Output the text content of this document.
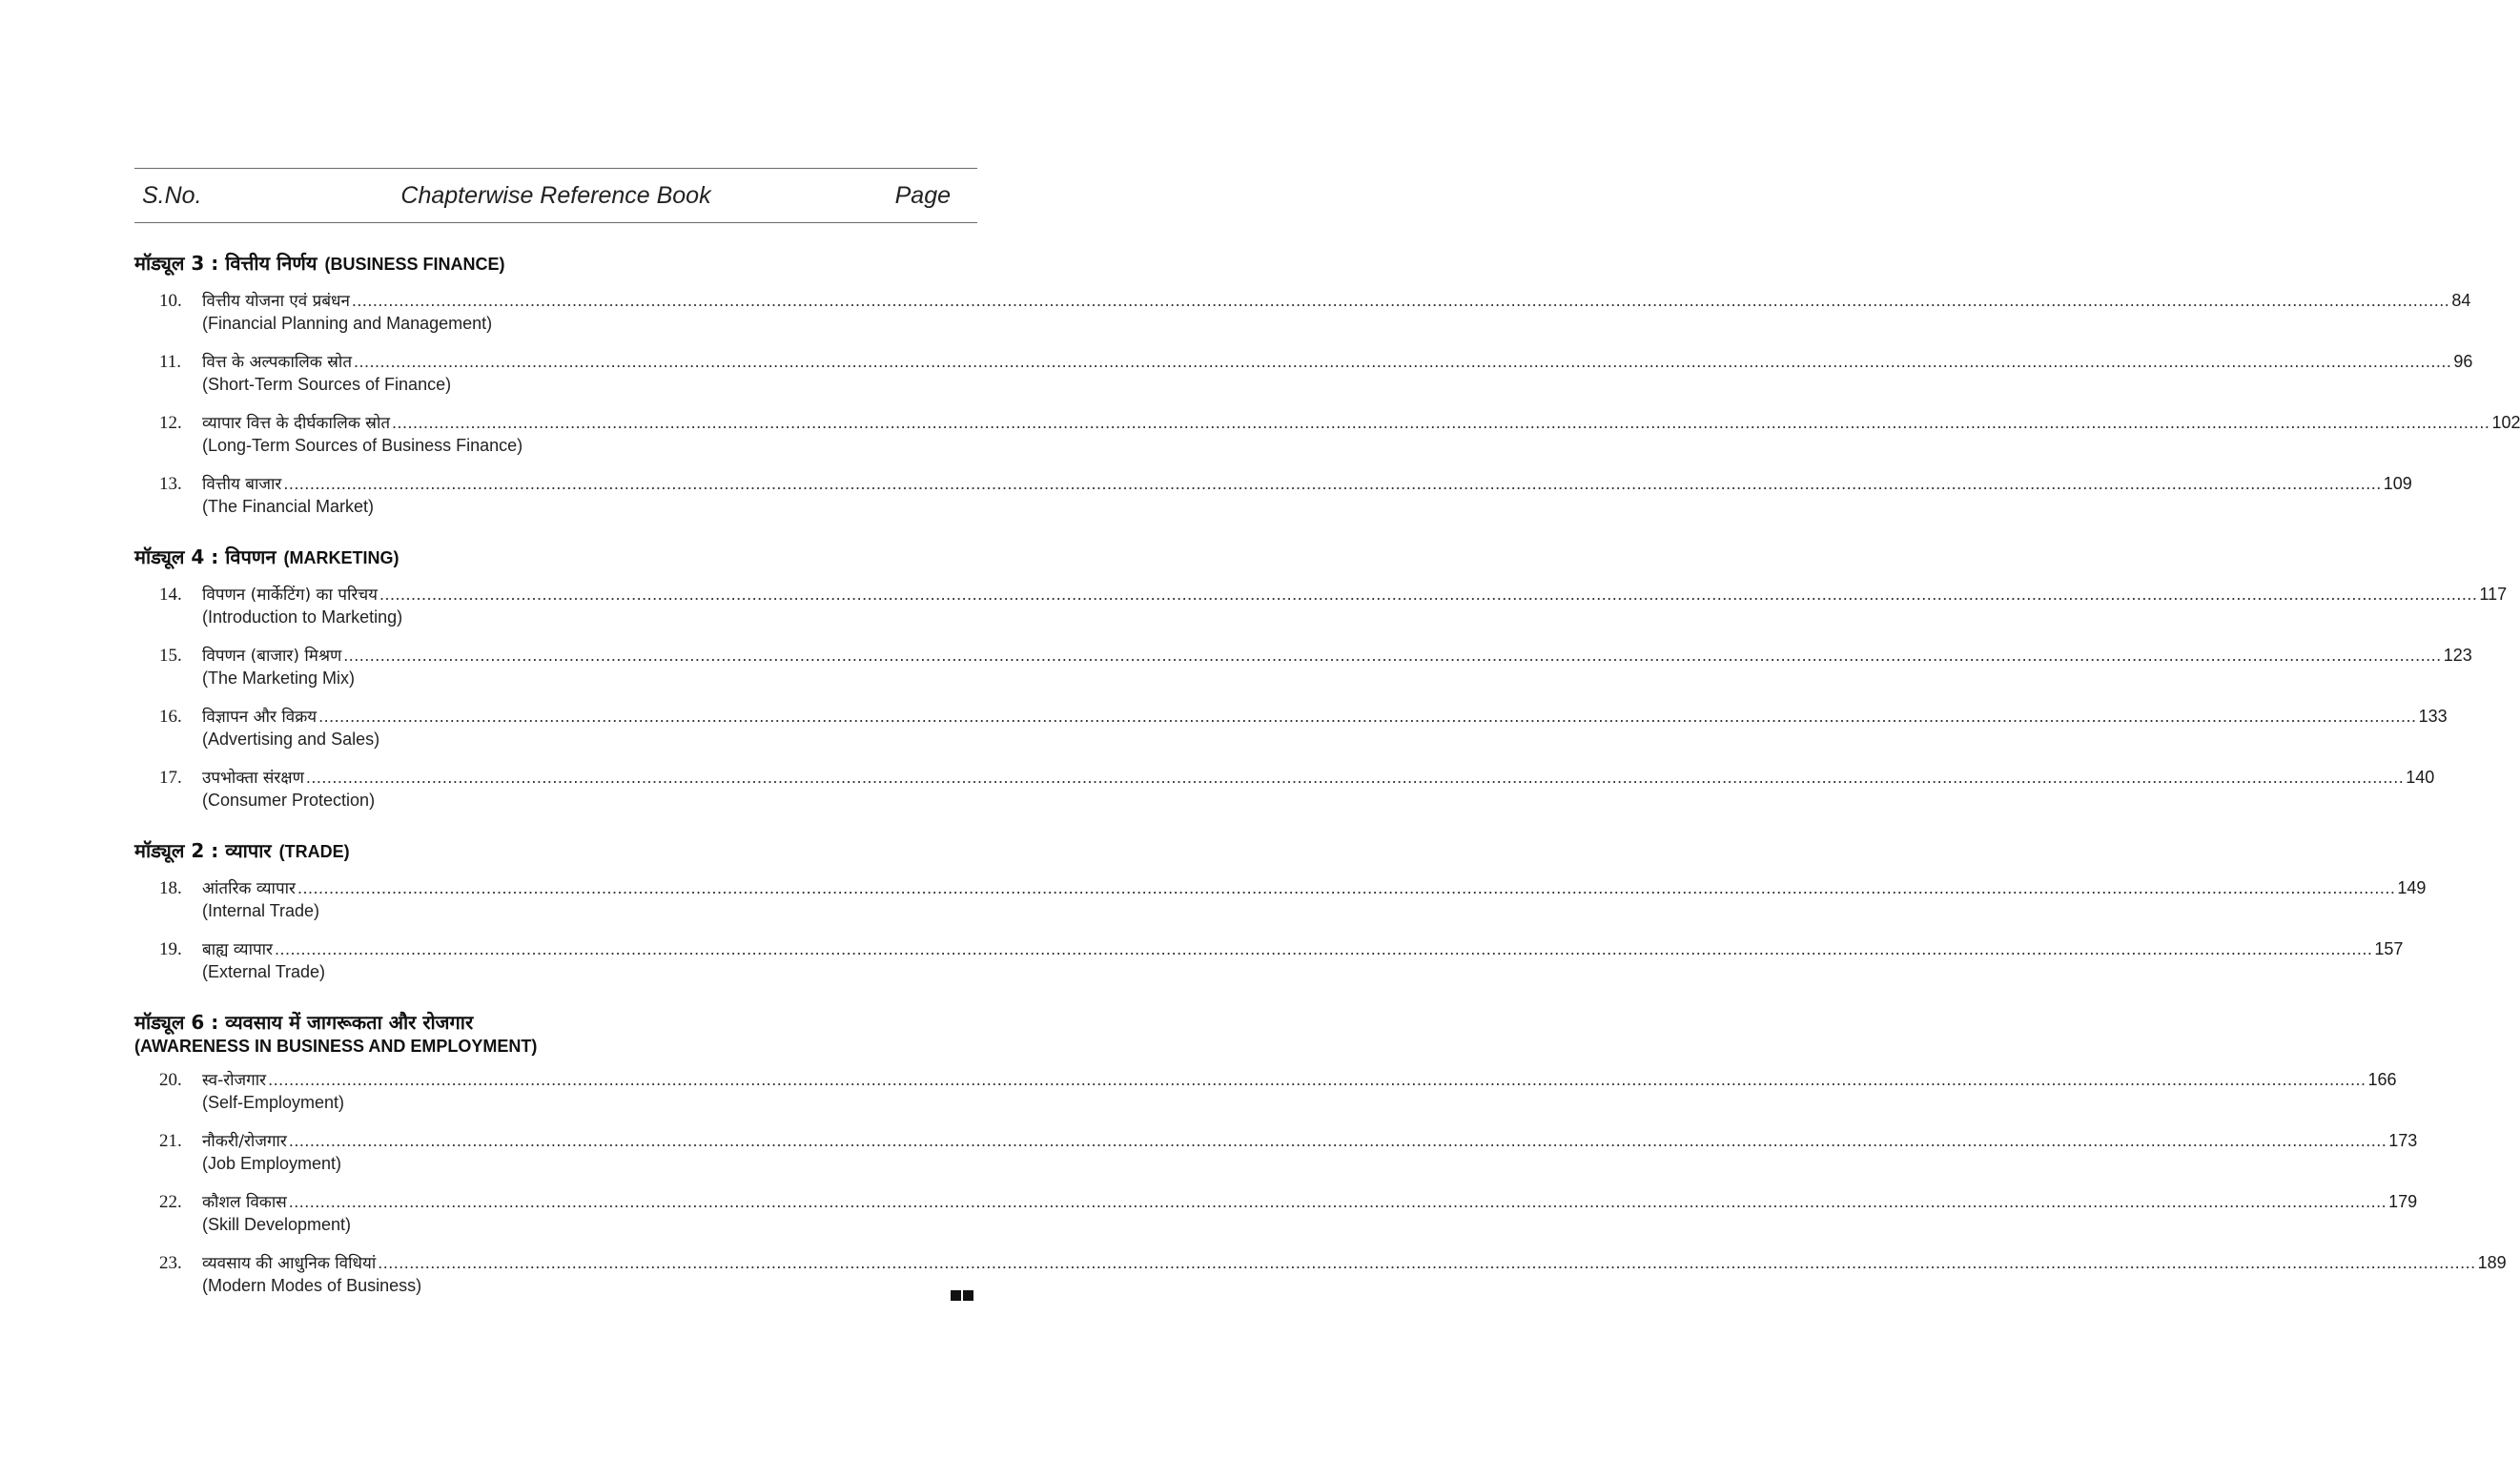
S.No.	Chapterwise Reference Book	Page
मॉड्यूल 3 : वित्तीय निर्णय (BUSINESS FINANCE)
10. वित्तीय योजना एवं प्रबंधन ................................................................................................................................................................................................................................................................................................................................................................................................................ 84
(Financial Planning and Management)
11. वित्त के अल्पकालिक स्रोत ................................................................................................................................................................................................................................................................................................................................................................................................................ 96
(Short-Term Sources of Finance)
12. व्यापार वित्त के दीर्घकालिक स्रोत ................................................................................................................................................................................................................................................................................................................................................................................................................ 102
(Long-Term Sources of Business Finance)
13. वित्तीय बाजार ................................................................................................................................................................................................................................................................................................................................................................................................................ 109
(The Financial Market)
मॉड्यूल 4 : विपणन (MARKETING)
14. विपणन (मार्केटिंग) का परिचय ................................................................................................................................................................................................................................................................................................................................................................................................................ 117
(Introduction to Marketing)
15. विपणन (बाजार) मिश्रण ................................................................................................................................................................................................................................................................................................................................................................................................................ 123
(The Marketing Mix)
16. विज्ञापन और विक्रय ................................................................................................................................................................................................................................................................................................................................................................................................................ 133
(Advertising and Sales)
17. उपभोक्ता संरक्षण ................................................................................................................................................................................................................................................................................................................................................................................................................ 140
(Consumer Protection)
मॉड्यूल 2 : व्यापार (TRADE)
18. आंतरिक व्यापार ................................................................................................................................................................................................................................................................................................................................................................................................................ 149
(Internal Trade)
19. बाह्य व्यापार ................................................................................................................................................................................................................................................................................................................................................................................................................ 157
(External Trade)
मॉड्यूल 6 : व्यवसाय में जागरूकता और रोजगार
(AWARENESS IN BUSINESS AND EMPLOYMENT)
20. स्व-रोजगार ................................................................................................................................................................................................................................................................................................................................................................................................................ 166
(Self-Employment)
21. नौकरी/रोजगार ................................................................................................................................................................................................................................................................................................................................................................................................................ 173
(Job Employment)
22. कौशल विकास ................................................................................................................................................................................................................................................................................................................................................................................................................ 179
(Skill Development)
23. व्यवसाय की आधुनिक विधियां ................................................................................................................................................................................................................................................................................................................................................................................................................ 189
(Modern Modes of Business)
